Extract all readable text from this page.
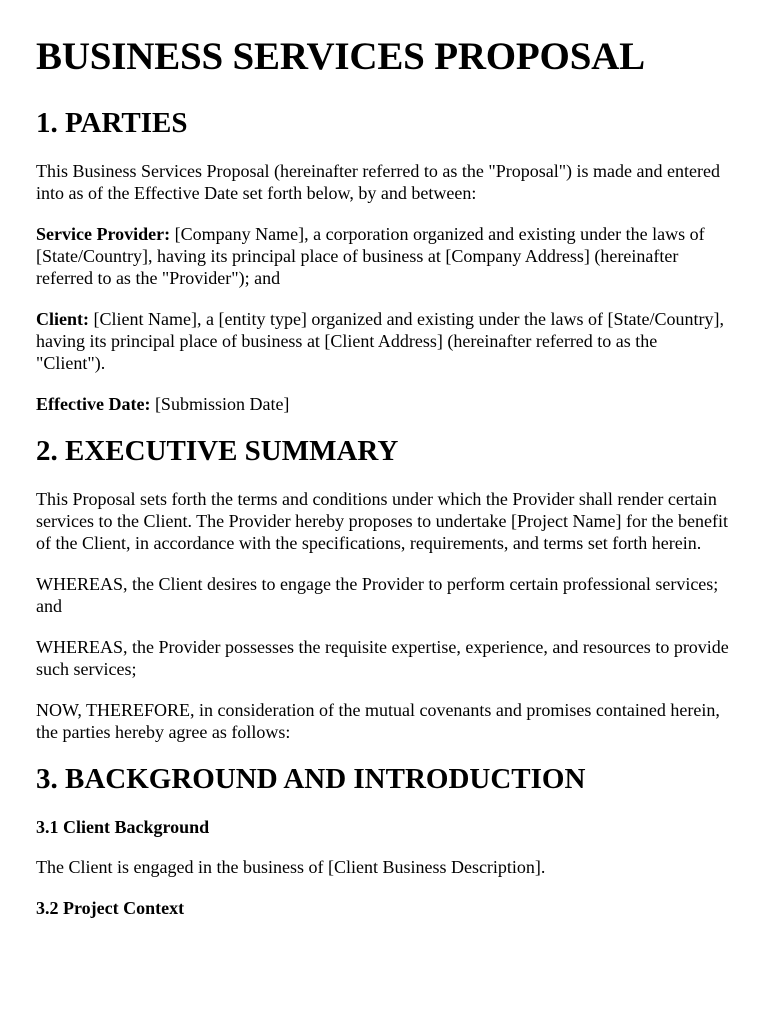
BUSINESS SERVICES PROPOSAL
1. PARTIES

This Business Services Proposal (hereinafter referred to as the "Proposal") is made and entered into as of the Effective Date set forth below, by and between:

Service Provider: [Company Name], a corporation organized and existing under the laws of [State/Country], having its principal place of business at [Company Address] (hereinafter referred to as the "Provider"); and

Client: [Client Name], a [entity type] organized and existing under the laws of [State/Country], having its principal place of business at [Client Address] (hereinafter referred to as the "Client").

Effective Date: [Submission Date]

2. EXECUTIVE SUMMARY

This Proposal sets forth the terms and conditions under which the Provider shall render certain services to the Client. The Provider hereby proposes to undertake [Project Name] for the benefit of the Client, in accordance with the specifications, requirements, and terms set forth herein.

WHEREAS, the Client desires to engage the Provider to perform certain professional services; and

WHEREAS, the Provider possesses the requisite expertise, experience, and resources to provide such services;

NOW, THEREFORE, in consideration of the mutual covenants and promises contained herein, the parties hereby agree as follows:

3. BACKGROUND AND INTRODUCTION
3.1 Client Background

The Client is engaged in the business of [Client Business Description].

3.2 Project Context
